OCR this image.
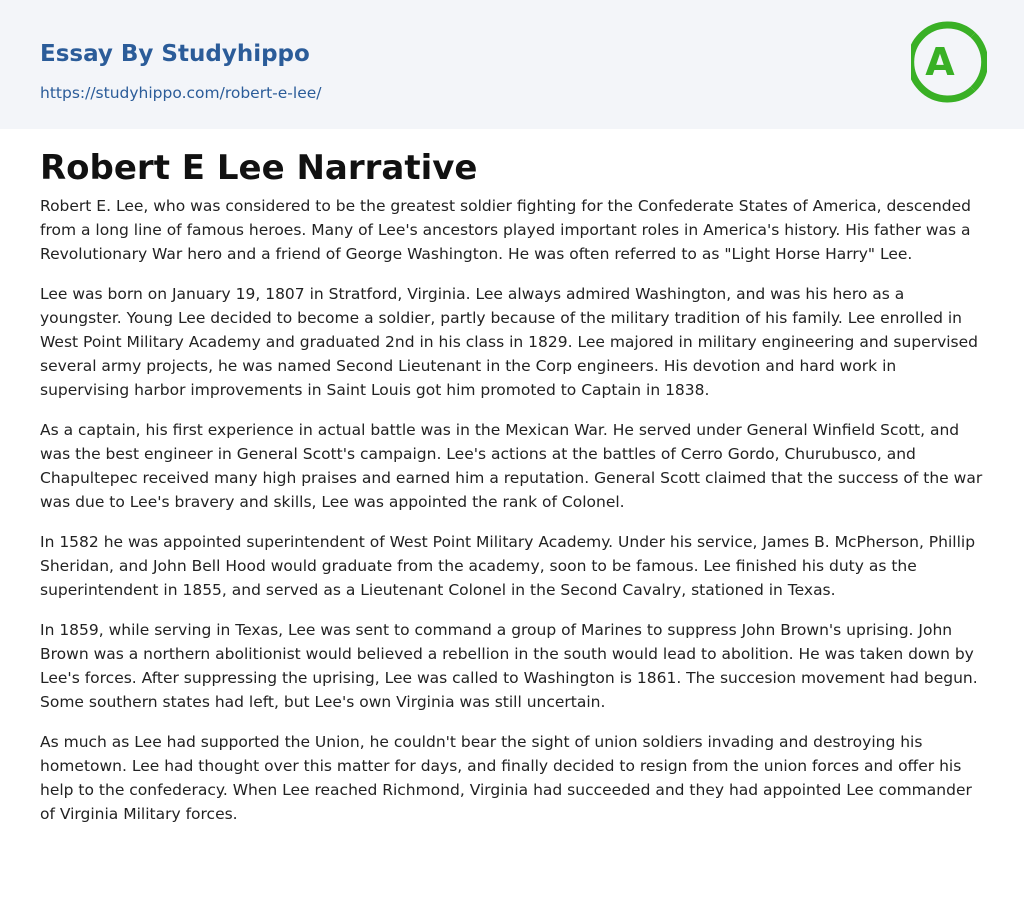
Essay By Studyhippo
https://studyhippo.com/robert-e-lee/
A
Robert E Lee Narrative

Robert E. Lee, who was considered to be the greatest soldier fighting for the Confederate States of America, descended from a long line of famous heroes. Many of Lee's ancestors played important roles in America's history. His father was a Revolutionary War hero and a friend of George Washington. He was often referred to as "Light Horse Harry" Lee.

Lee was born on January 19, 1807 in Stratford, Virginia. Lee always admired Washington, and was his hero as a youngster. Young Lee decided to become a soldier, partly because of the military tradition of his family. Lee enrolled in West Point Military Academy and graduated 2nd in his class in 1829. Lee majored in military engineering and supervised several army projects, he was named Second Lieutenant in the Corp engineers. His devotion and hard work in supervising harbor improvements in Saint Louis got him promoted to Captain in 1838.

As a captain, his first experience in actual battle was in the Mexican War. He served under General Winfield Scott, and was the best engineer in General Scott's campaign. Lee's actions at the battles of Cerro Gordo, Churubusco, and Chapultepec received many high praises and earned him a reputation. General Scott claimed that the success of the war was due to Lee's bravery and skills, Lee was appointed the rank of Colonel.

In 1582 he was appointed superintendent of West Point Military Academy. Under his service, James B. McPherson, Phillip Sheridan, and John Bell Hood would graduate from the academy, soon to be famous. Lee finished his duty as the superintendent in 1855, and served as a Lieutenant Colonel in the Second Cavalry, stationed in Texas.

In 1859, while serving in Texas, Lee was sent to command a group of Marines to suppress John Brown's uprising. John Brown was a northern abolitionist would believed a rebellion in the south would lead to abolition. He was taken down by Lee's forces. After suppressing the uprising, Lee was called to Washington is 1861. The succesion movement had begun. Some southern states had left, but Lee's own Virginia was still uncertain.

As much as Lee had supported the Union, he couldn't bear the sight of union soldiers invading and destroying his hometown. Lee had thought over this matter for days, and finally decided to resign from the union forces and offer his help to the confederacy. When Lee reached Richmond, Virginia had succeeded and they had appointed Lee commander of Virginia Military forces.
